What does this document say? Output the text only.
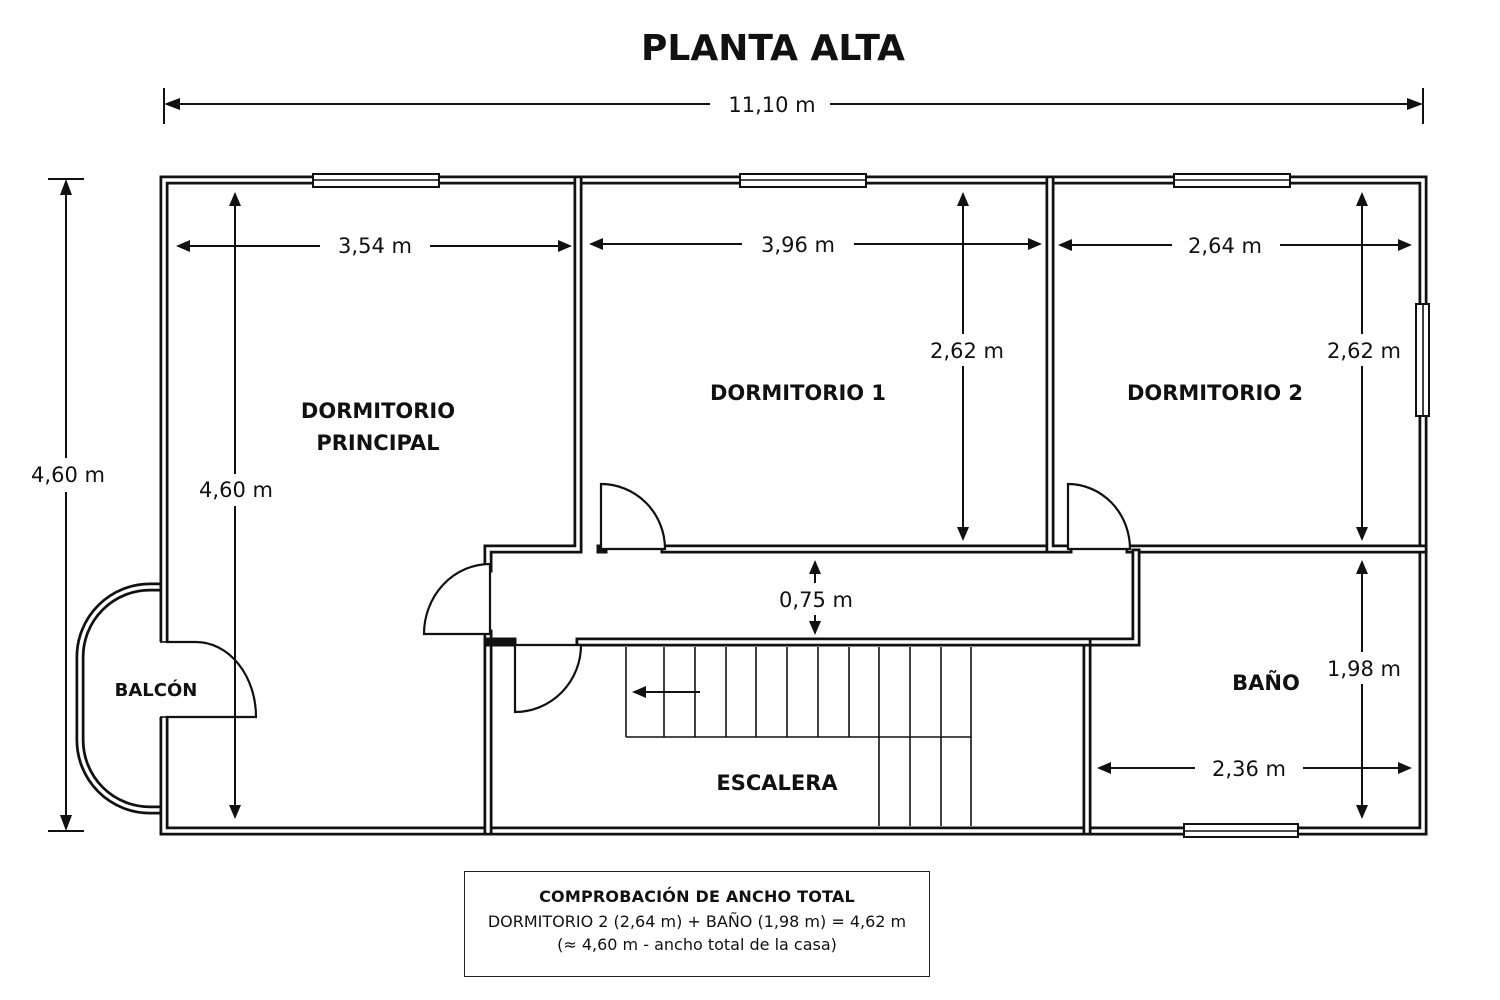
PLANTA ALTA
11,10 m
4,60 m
3,54 m
4,60 m
DORMITORIO
PRINCIPAL
3,96 m
2,62 m
DORMITORIO 1
2,64 m
2,62 m
DORMITORIO 2
0,75 m
1,98 m
2,36 m
BAÑO
ESCALERA
BALCÓN
COMPROBACIÓN DE ANCHO TOTAL
DORMITORIO 2 (2,64 m) + BAÑO (1,98 m) = 4,62 m
(≈ 4,60 m - ancho total de la casa)
